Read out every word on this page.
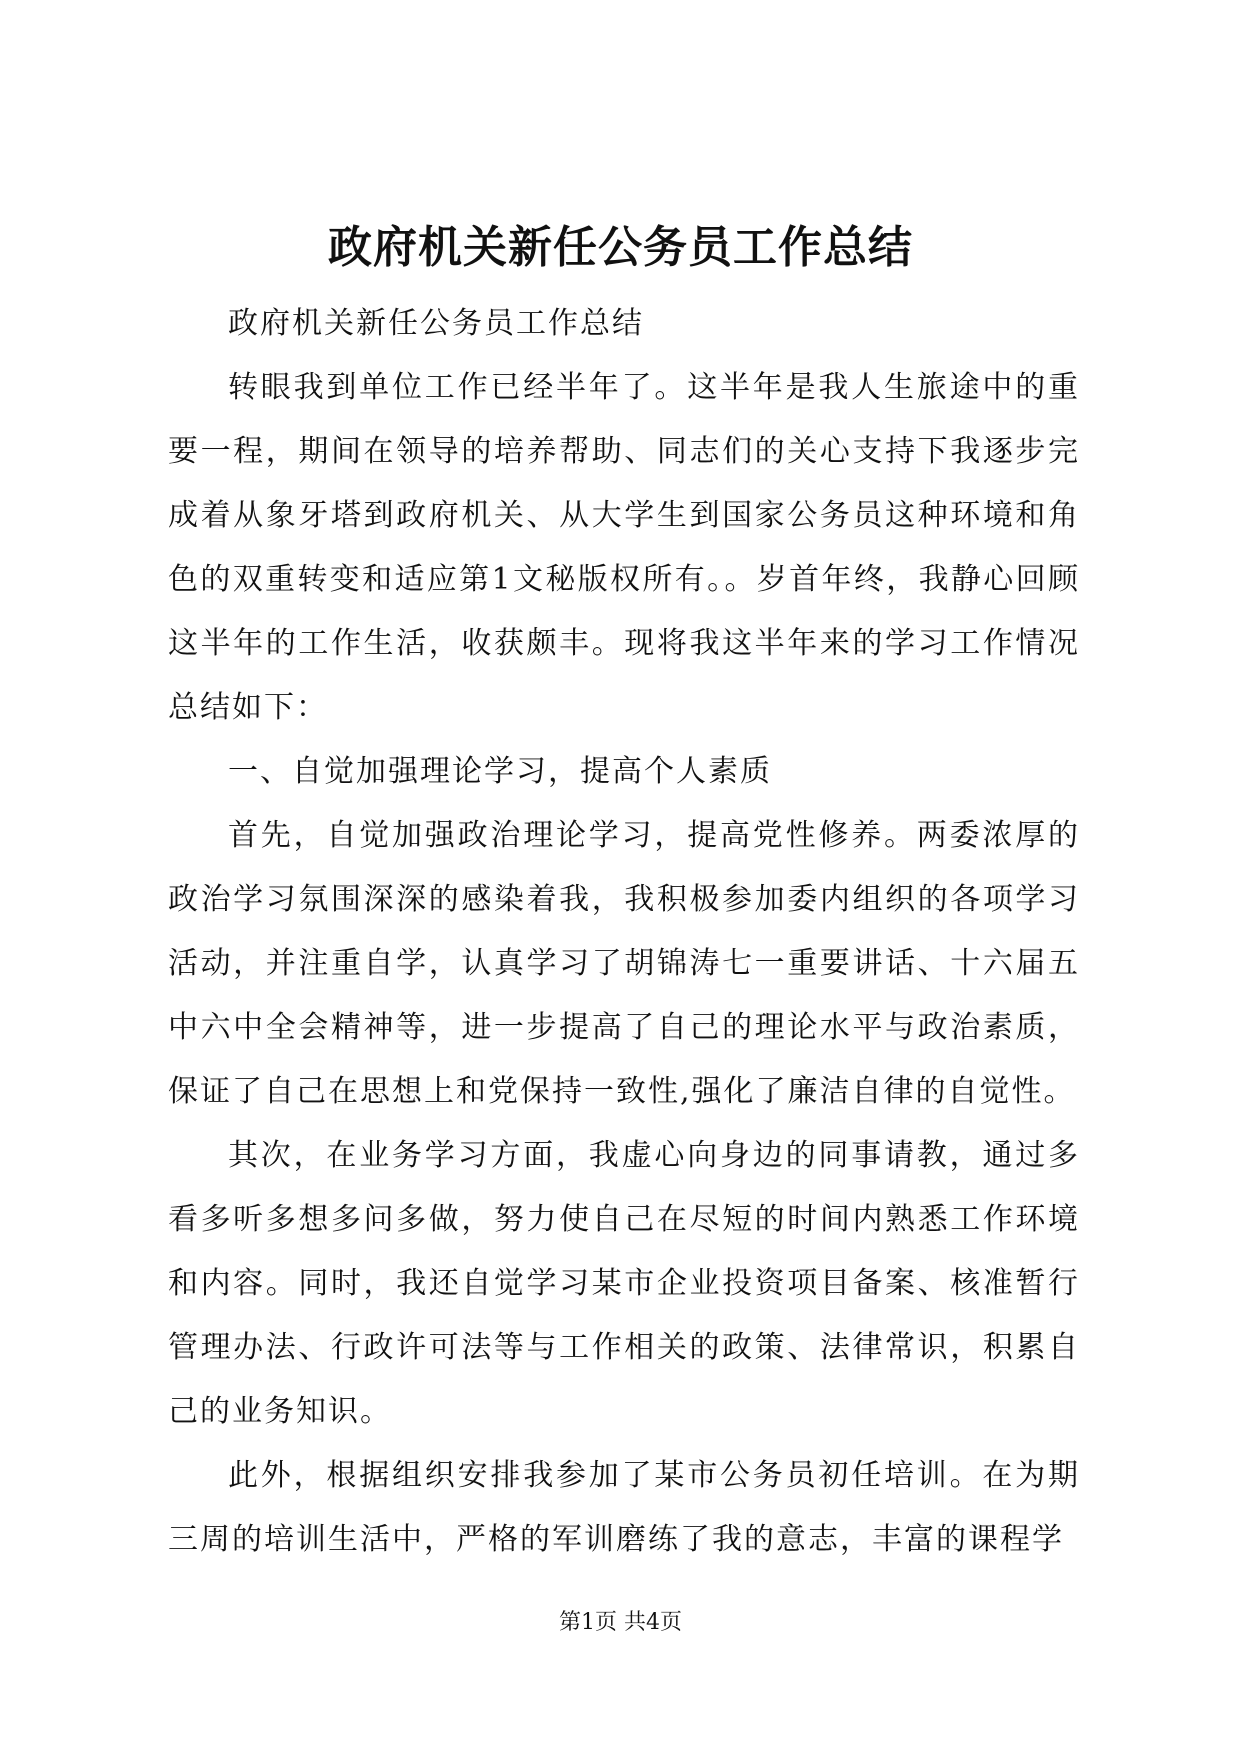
政府机关新任公务员工作总结

政府机关新任公务员工作总结

转眼我到单位工作已经半年了。这半年是我人生旅途中的重要一程，期间在领导的培养帮助、同志们的关心支持下我逐步完成着从象牙塔到政府机关、从大学生到国家公务员这种环境和角色的双重转变和适应第1文秘版权所有。。岁首年终，我静心回顾这半年的工作生活，收获颇丰。现将我这半年来的学习工作情况总结如下：

一、自觉加强理论学习，提高个人素质

首先，自觉加强政治理论学习，提高党性修养。两委浓厚的政治学习氛围深深的感染着我，我积极参加委内组织的各项学习活动，并注重自学，认真学习了胡锦涛七一重要讲话、十六届五中六中全会精神等，进一步提高了自己的理论水平与政治素质，保证了自己在思想上和党保持一致性,强化了廉洁自律的自觉性。

其次，在业务学习方面，我虚心向身边的同事请教，通过多看多听多想多问多做，努力使自己在尽短的时间内熟悉工作环境和内容。同时，我还自觉学习某市企业投资项目备案、核准暂行管理办法、行政许可法等与工作相关的政策、法律常识，积累自己的业务知识。

此外，根据组织安排我参加了某市公务员初任培训。在为期三周的培训生活中，严格的军训磨练了我的意志，丰富的课程学

第1页 共4页
